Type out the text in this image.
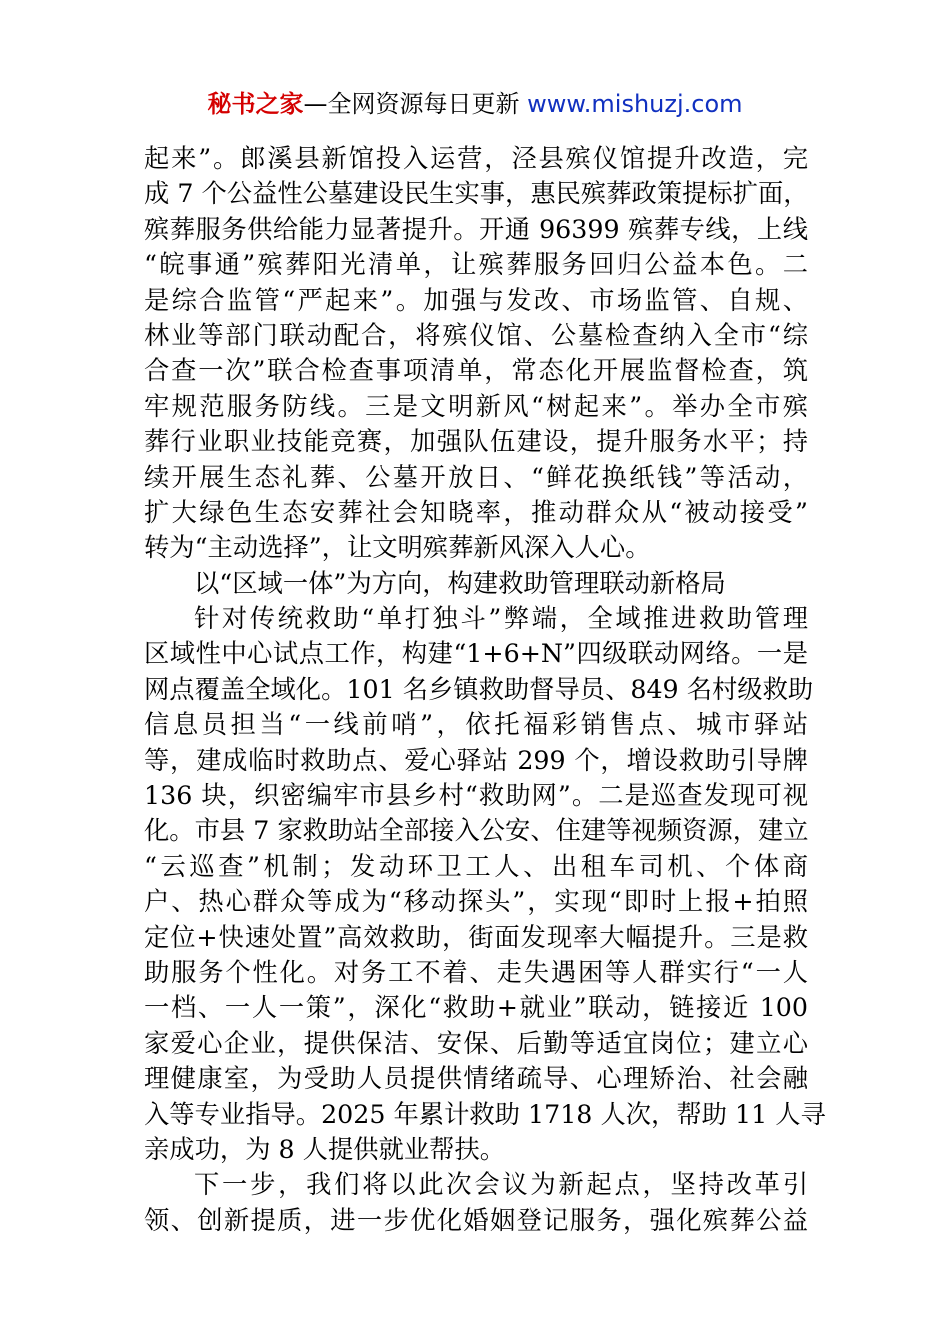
秘书之家—全网资源每日更新 www.mishuzj.com
起来”。郎溪县新馆投入运营，泾县殡仪馆提升改造，完
成 7 个公益性公墓建设民生实事，惠民殡葬政策提标扩面，
殡葬服务供给能力显著提升。开通 96399 殡葬专线，上线
“皖事通”殡葬阳光清单，让殡葬服务回归公益本色。二
是综合监管“严起来”。加强与发改、市场监管、自规、
林业等部门联动配合，将殡仪馆、公墓检查纳入全市“综
合查一次”联合检查事项清单，常态化开展监督检查，筑
牢规范服务防线。三是文明新风“树起来”。举办全市殡
葬行业职业技能竞赛，加强队伍建设，提升服务水平；持
续开展生态礼葬、公墓开放日、“鲜花换纸钱”等活动，
扩大绿色生态安葬社会知晓率，推动群众从“被动接受”
转为“主动选择”，让文明殡葬新风深入人心。
以“区域一体”为方向，构建救助管理联动新格局
针对传统救助“单打独斗”弊端，全域推进救助管理
区域性中心试点工作，构建“1+6+N”四级联动网络。一是
网点覆盖全域化。101 名乡镇救助督导员、849 名村级救助
信息员担当“一线前哨”，依托福彩销售点、城市驿站
等，建成临时救助点、爱心驿站 299 个，增设救助引导牌
136 块，织密编牢市县乡村“救助网”。二是巡查发现可视
化。市县 7 家救助站全部接入公安、住建等视频资源，建立
“云巡查”机制；发动环卫工人、出租车司机、个体商
户、热心群众等成为“移动探头”，实现“即时上报+拍照
定位+快速处置”高效救助，街面发现率大幅提升。三是救
助服务个性化。对务工不着、走失遇困等人群实行“一人
一档、一人一策”，深化“救助+就业”联动，链接近 100
家爱心企业，提供保洁、安保、后勤等适宜岗位；建立心
理健康室，为受助人员提供情绪疏导、心理矫治、社会融
入等专业指导。2025 年累计救助 1718 人次，帮助 11 人寻
亲成功，为 8 人提供就业帮扶。
下一步，我们将以此次会议为新起点，坚持改革引
领、创新提质，进一步优化婚姻登记服务，强化殡葬公益
